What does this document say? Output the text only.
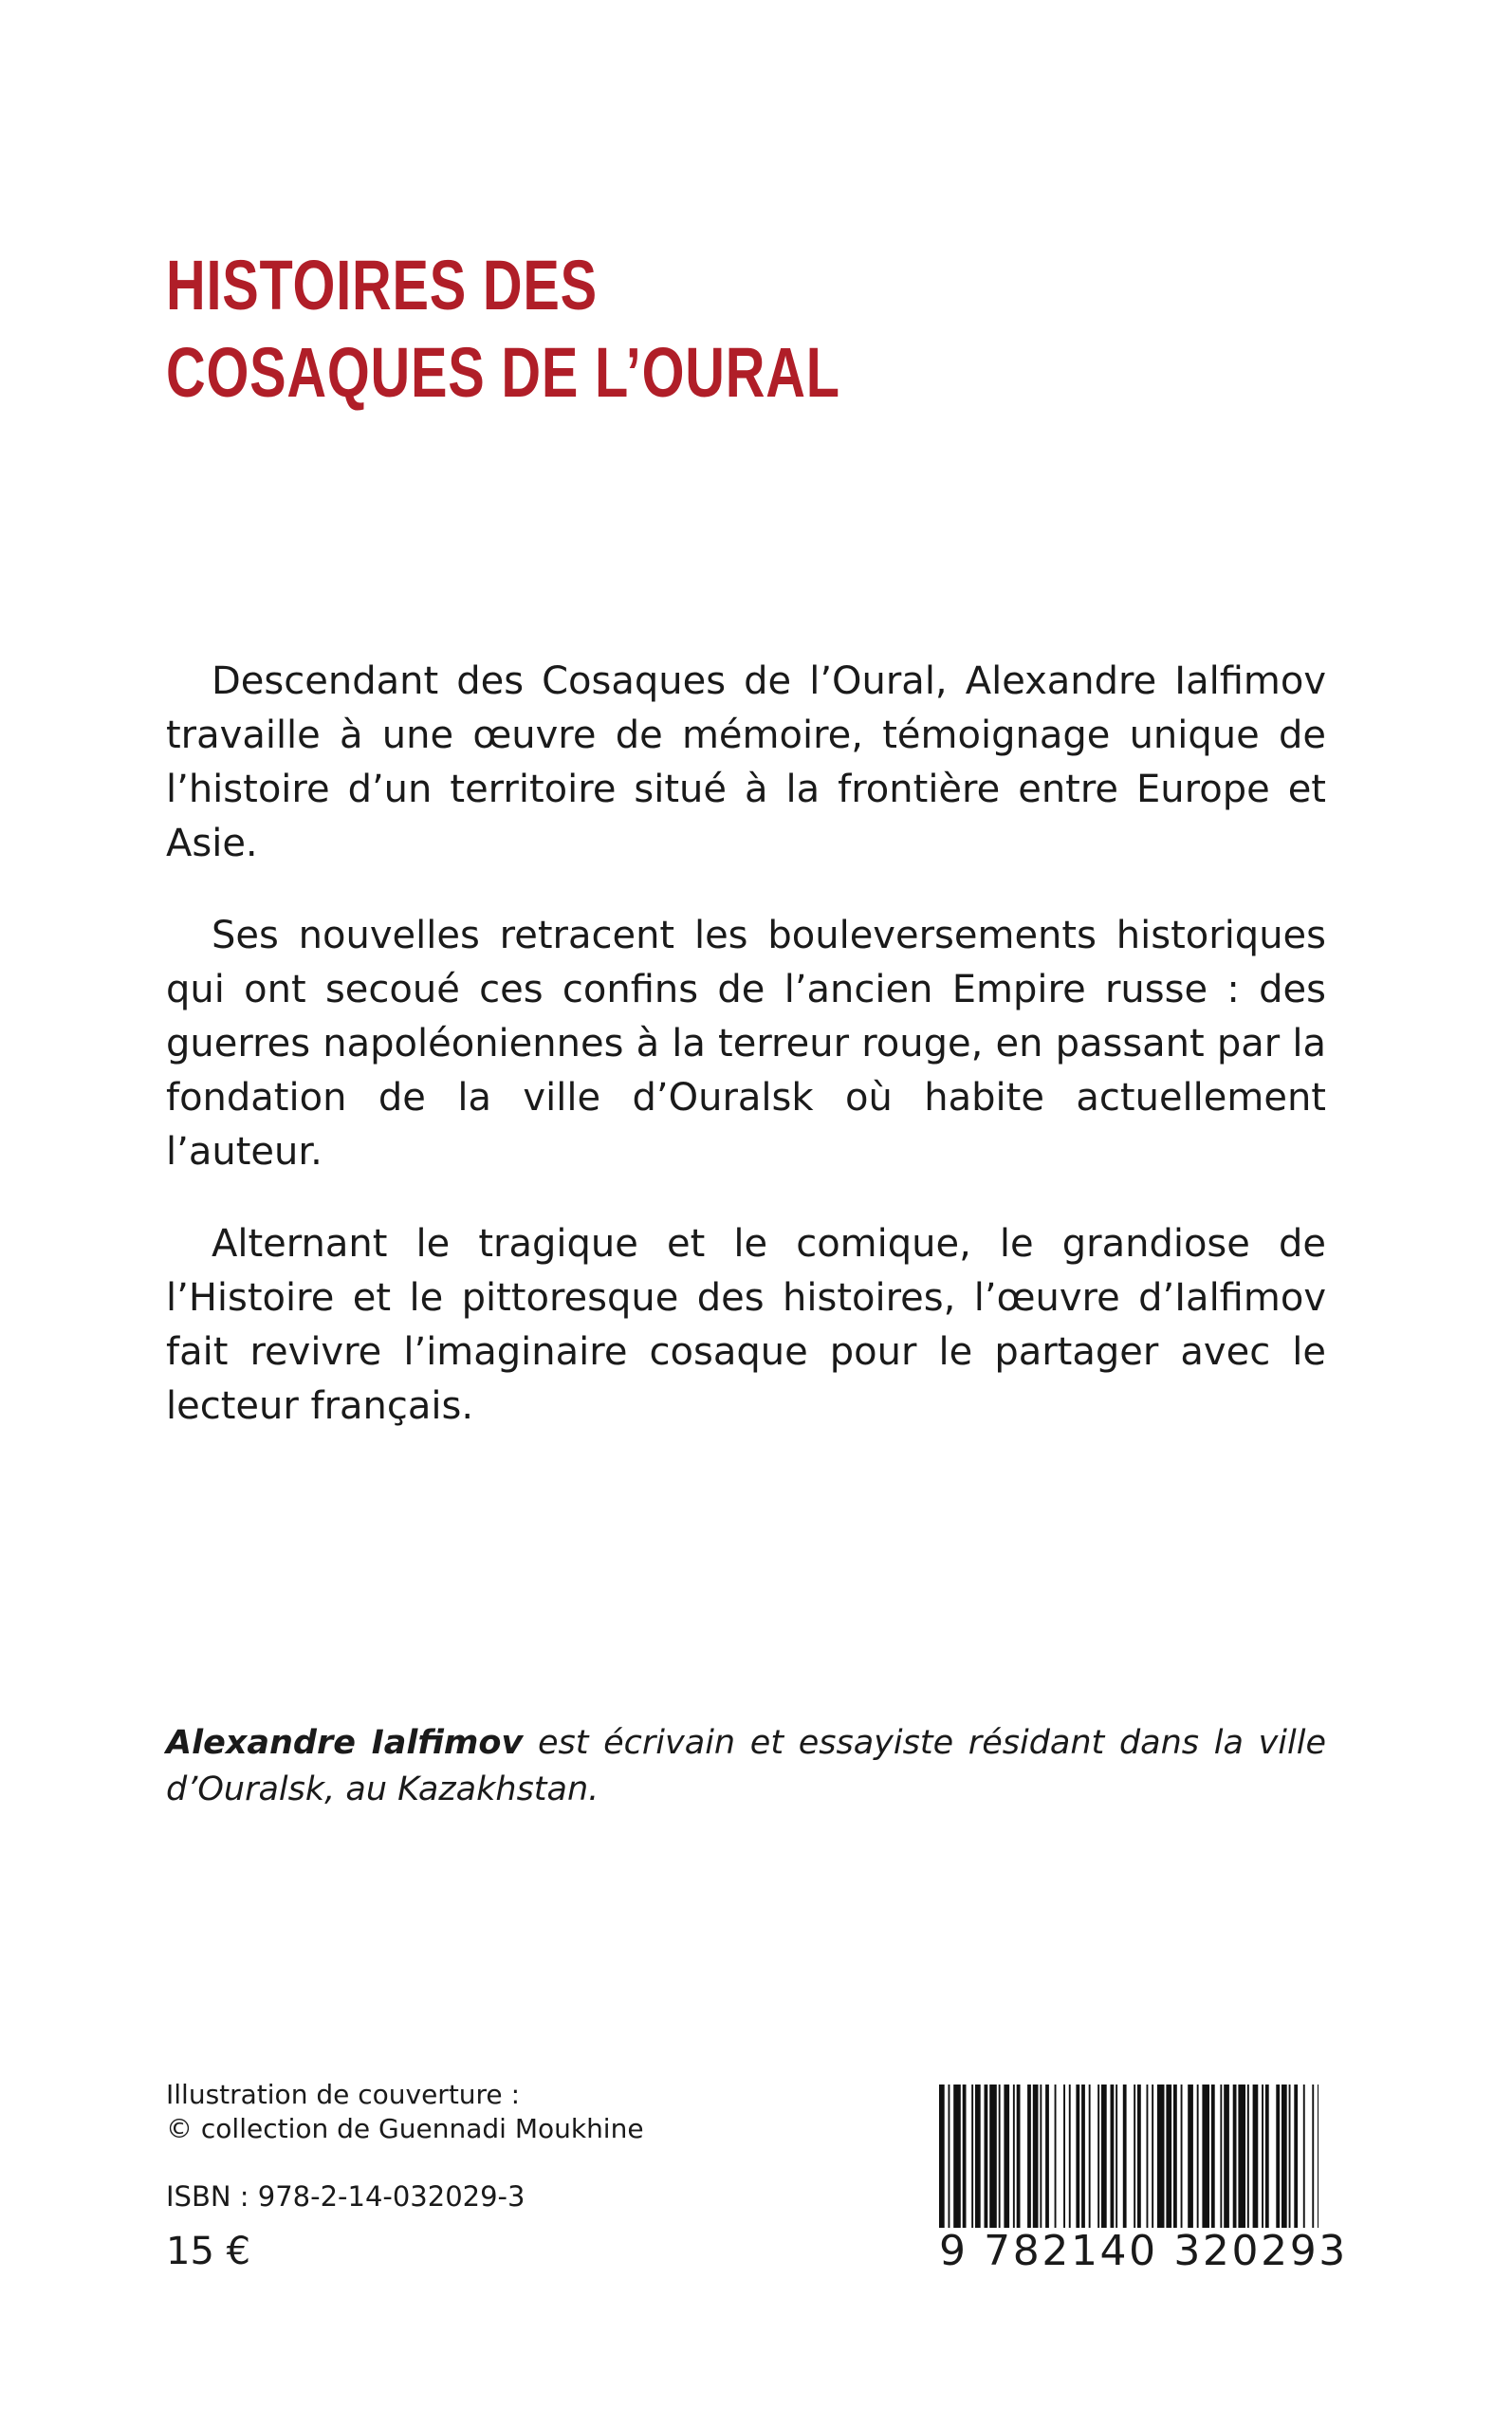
HISTOIRES DES
COSAQUES DE L’OURAL

Descendant des Cosaques de l’Oural, Alexandre Ialfimov travaille à une œuvre de mémoire, témoignage unique de l’histoire d’un territoire situé à la frontière entre Europe et Asie.

Ses nouvelles retracent les bouleversements historiques qui ont secoué ces confins de l’ancien Empire russe : des guerres napoléoniennes à la terreur rouge, en passant par la fondation de la ville d’Ouralsk où habite actuellement l’auteur.

Alternant le tragique et le comique, le grandiose de l’Histoire et le pittoresque des histoires, l’œuvre d’Ialfimov fait revivre l’imaginaire cosaque pour le partager avec le lecteur français.

Alexandre Ialfimov est écrivain et essayiste résidant dans la ville d’Ouralsk, au Kazakhstan.

Illustration de couverture :
© collection de Guennadi Moukhine
ISBN : 978-2-14-032029-3
15 €	9 782140 320293
